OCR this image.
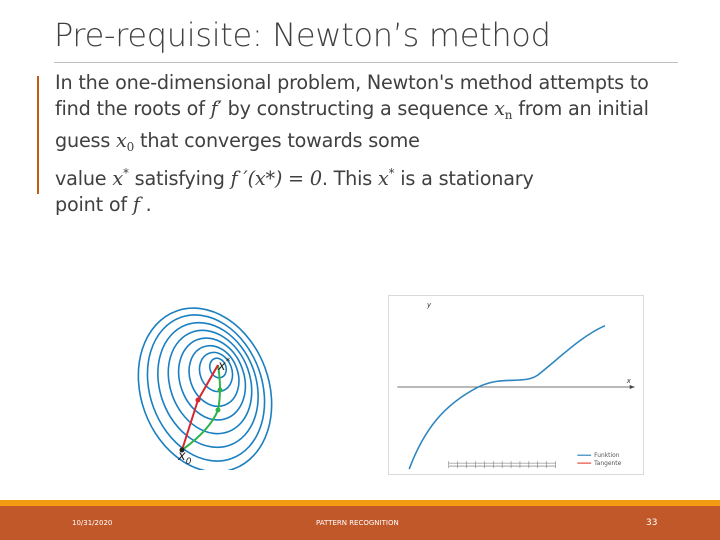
Pre-requisite: Newton’s method
In the one-dimensional problem, Newton's method attempts to
find the roots of f′ by constructing a sequence $x_n$ from an initial
guess $x_0$ that converges towards some
value x* satisfying f ′(x*) = 0. This x* is a stationary
point of f .
x*
$x_0$
y
x
Funktion
Tangente
10/31/2020	PATTERN RECOGNITION	33
